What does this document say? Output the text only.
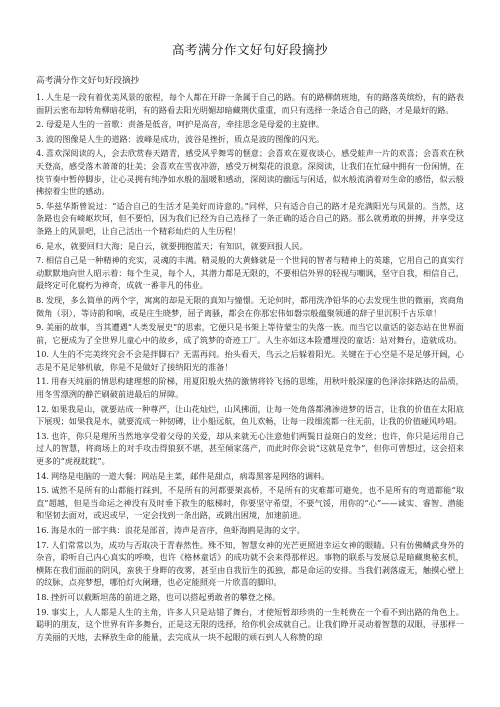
高考满分作文好句好段摘抄
高考满分作文好句好段摘抄

1. 人生是一段有着优美风景的旅程，每个人都在开辟一条属于自己的路。有的路柳荫班地，有的路落英缤纷，有的路表面阴云密布却转角柳暗花明，有的路看去阳光明媚却暗藏荆伏重重，而只有选择一条适合自己的路，才是最好的路。

2. 母爱是人生的一首歌：责备是低音，呵护是高音，牵挂思念是母爱的主旋律。

3. 波的图像是人生的道路：波峰是成功，波谷是挫折，质点是波的图像的闪光。

4. 喜欢深阅读的人，会去欣赏春天踏青，感受风乎舞雩的惬意；会喜欢在夏夜谈心，感受蛙声一片的欢喜；会喜欢在秋天登高，感受落木萧萧的壮美；会喜欢在雪夜冲游，感受万树梨花的浪意。深阅读，让我们在忙碌中拥有一份闲情，在快节奏中暂停脚步，让心灵拥有纯净如水般的温暖和感动，深阅读的幽远与闲适，似水般流淌着对生命的感悟，似云般拂掠着尘世的感动。

5. 华兹华斯曾说过：“适合自己的生活才是美好而诗意的。”同样，只有适合自己的路才是充满阳光与风景的。当然，这条路也会有崎岖坎坷，但不要怕，因为我们已经为自己选择了一条正确的适合自己的路。那么就勇敢的拼搏，并享受这条路上的风景吧，让自己活出一个精彩灿烂的人生历程！

6. 是水，就要回归大海；是白云，就要拥抱蓝天；有知识，就要回报人民。

7. 相信自己是一种精神的充实，灵魂的丰满。精灵般的大黄蜂就是一个世间的智者与精神上的英雄，它用自己的真实行动默默地向世人昭示着：每个生灵，每个人，其潜力都是无限的，不要相信外界的轻视与嘲讽，坚守自我，相信自己，最终定可化腐朽为神奇，成就一番非凡的伟业。

8. 发现，多么简单的两个字，寓寓的却是无限的真知与憧憬。无论何时，都用洗净铅华的心去发现生世的微丽，宾商角徵角（羽），等诗韵和响，或是庄生晓梦，屈子离骚，都会在你那宏伟如磐宗般蕴聚领通的辞子里沉积千古乐章！

9. 美丽的故事，当其遭遇“人类发展史”的思索，它便只是书架上等待蒙尘的失落一族。而当它以童话的姿态站在世界面前，它便成为了全世界儿童心中的故乡，成了筑梦的奇迹工厂。人生亦如这本险遭埋没的童话：站对舞台，造就成功。

10. 人生的不完美终究会不会是拌脚石？无需再问。抬头看天，鸟云之后躲着阳光。关键在于心空是不是足够开阔，心志是不是足够机敏，你是不是做好了接纳阳光的准备！

11. 用春天纯丽的情思构建理想的阶梯，用夏阳般火热的激情将铃飞扬的思维，用秋叶般深邃的色泽涂抹路达的品质，用冬雪漂洌的静芒刷破前进最后的屏障。

12. 如果我是山，就要站成一种尊严，让山花灿烂，山风拂面，让每一处角落都沸渗进梦的语言，让我的价值在太阳底下展现；如果我是水，就要流成一种韧磚，让小船远航，鱼儿欢畅，让每一段细流都一往无前，让我的价值碰风吟唱。

13. 也许，你只是理所当然地享受着父母的关爱，却从来就无心注意他们两鬓日益斑白的发丝；也许，你只是运用自己过人的智慧，将商场上的对手攻击得狼狈不堪，甚至倾家荡产，而此时你会说“这就是竞争”，但你可曾想过，这会招来更多的“虎视眈眈”。

14. 网络是电脑的一道大餐：网站是主菜，邮件是甜点，病毒黑客是网络的调料。

15. 诚然不是所有的山都能打踩到，不是所有的河都要架高桥，不是所有的灾难都可避免，也不是所有的弯道都能“取直”超越，但是当命运之神没有及时垂下救生的舷梯时，你要坚守希望，不要气馁，用你的“心”——诚实、睿智、潜能和坚韧去面对，或迟或早，一定会找到一条出路，或跳出困境，加速前进。

16. 海是水的一部字典：浪花是部首，涛声是音序，鱼虾海鸥是海的文字。

17. 人们常常以为，成功与否取决于青春然性。殊不知，智慧女神的光芒更照进幸运女神的眼睛。只有仿佛鳞武身外的杂音，聆听自己内心真实的呼唤，也许《格林童话》的成功就不会来得那样迟。事物的联系与发展总是暗藏奥秘玄机，横陈在我们面前的阴风，蛮狭于身畔的夜雾，甚至由自我衍生的孤独，都是命运的安排。当我们剥落虚无，触摸心壁上的纹脉，点亮梦想，哪怕灯火阑珊，也必定能照亮一片欣喜的脚印。

18. 挫折可以截断坦荡的前进之路，也可以搭起勇敢者的攀登之梯。

19. 事实上，人人都是人生的主角，许多人只是站错了舞台，才使短暂却珍贵的一生耗费在一个看不到出路的角色上。聪明的朋友，这个世界有许多舞台，正是这无限的选择，给你机会成就自己。让我们睁开灵动着智慧的双眼，寻那样一方美丽的天地，去释放生命的能量，去完成从一块不起眼的顽石到人人称赞的琼
